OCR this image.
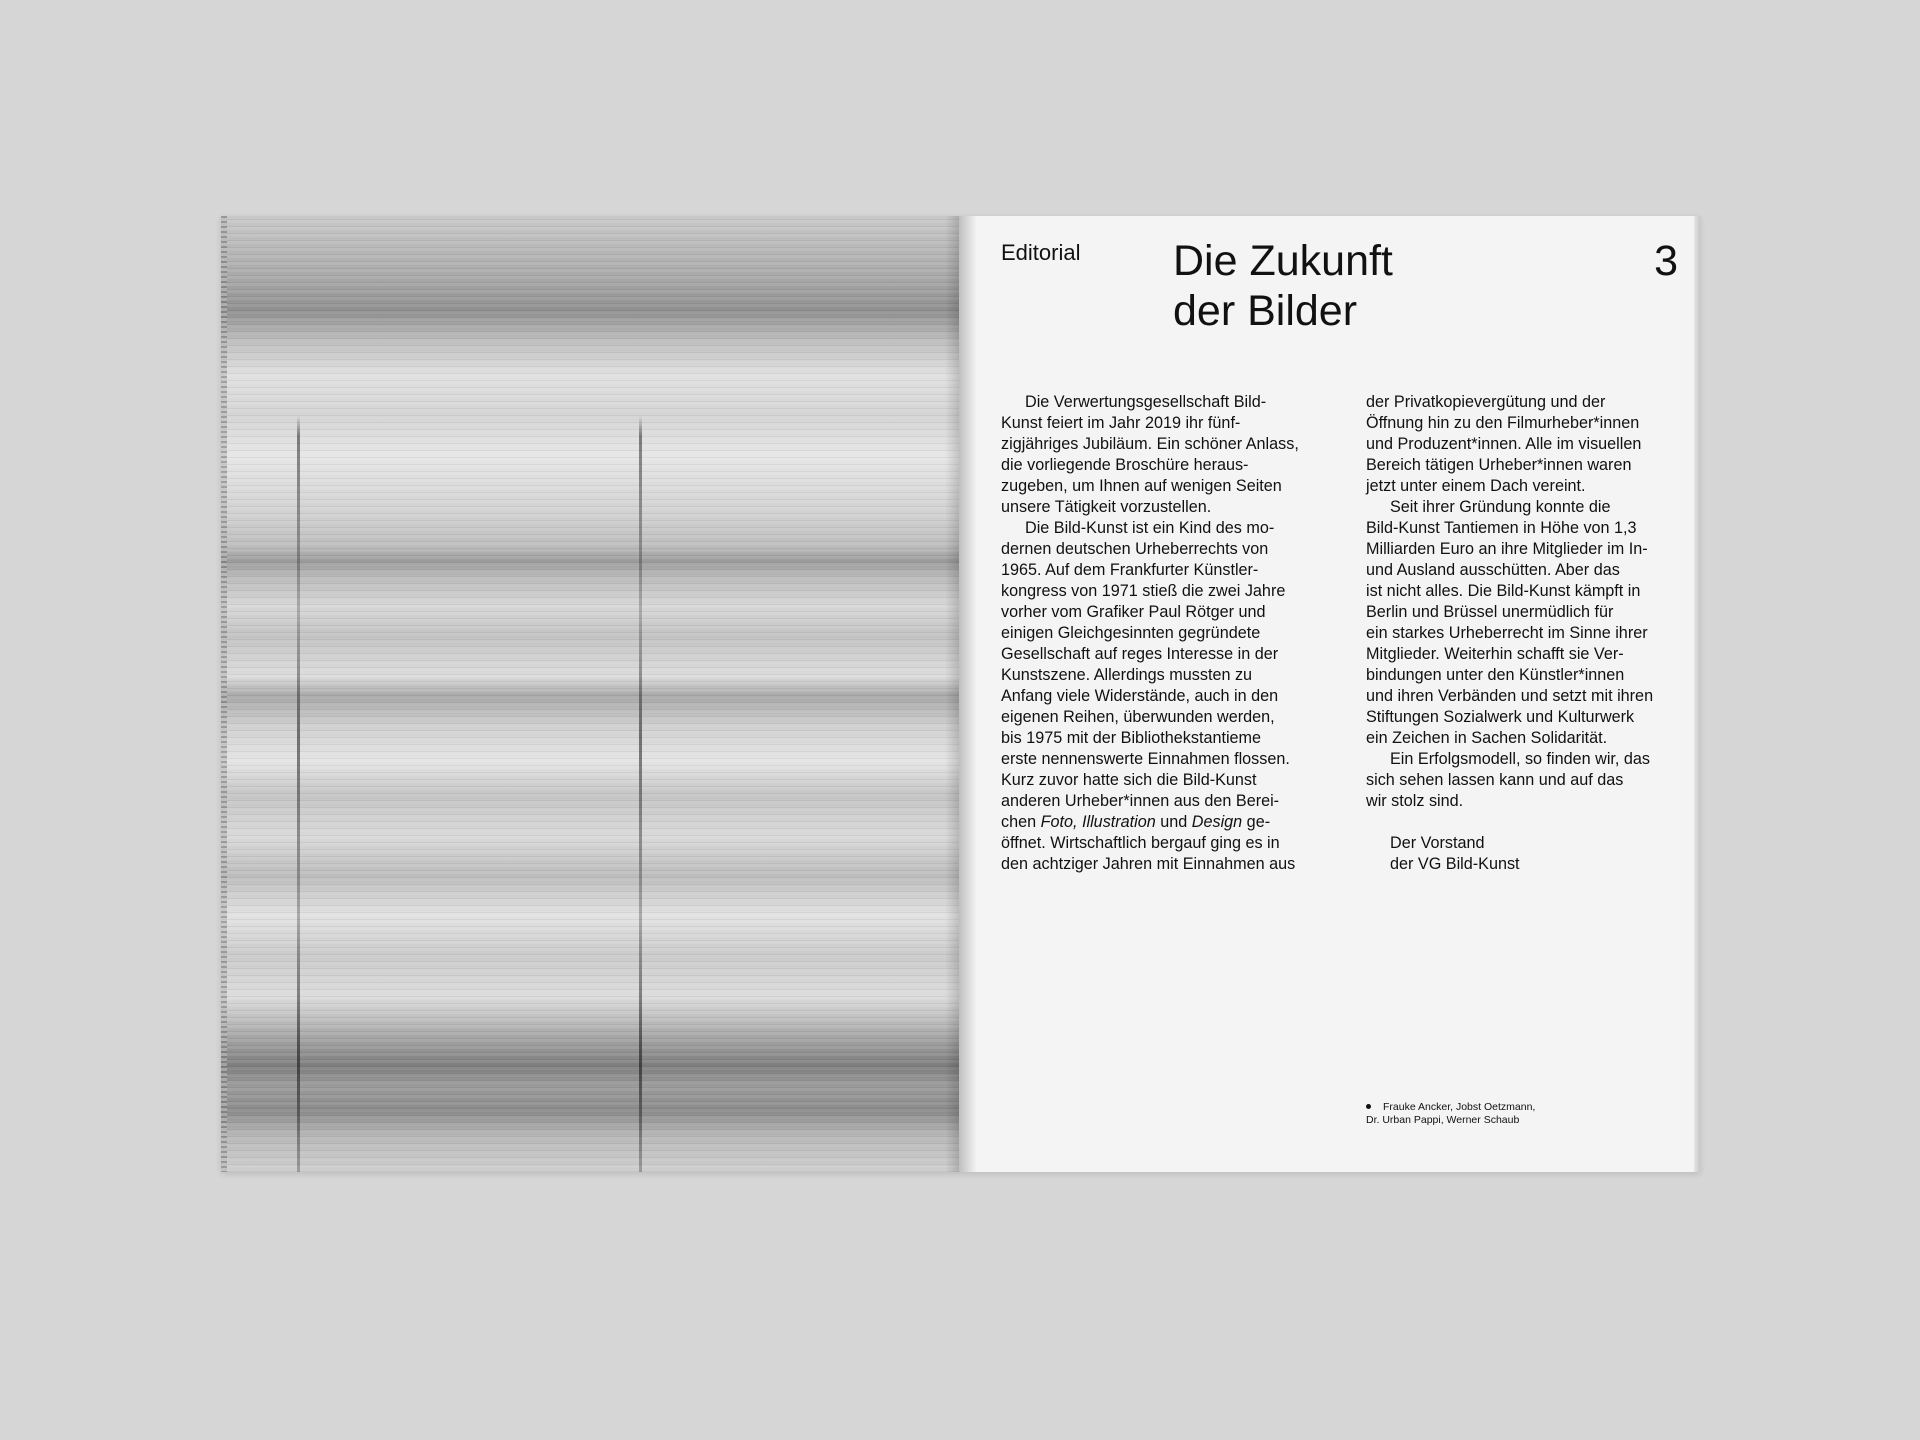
Editorial Die Zukunft
der Bilder
3
Die Verwertungsgesellschaft Bild-
Kunst feiert im Jahr 2019 ihr fünf-
zigjähriges Jubiläum. Ein schöner Anlass,
die vorliegende Broschüre heraus-
zugeben, um Ihnen auf wenigen Seiten
unsere Tätigkeit vorzustellen.
Die Bild-Kunst ist ein Kind des mo-
dernen deutschen Urheberrechts von
1965. Auf dem Frankfurter Künstler-
kongress von 1971 stieß die zwei Jahre
vorher vom Grafiker Paul Rötger und
einigen Gleichgesinnten gegründete
Gesellschaft auf reges Interesse in der
Kunstszene. Allerdings mussten zu
Anfang viele Widerstände, auch in den
eigenen Reihen, überwunden werden,
bis 1975 mit der Bibliothekstantieme
erste nennenswerte Einnahmen flossen.
Kurz zuvor hatte sich die Bild-Kunst
anderen Urheber*innen aus den Berei-
chen Foto, Illustration und Design ge-
öffnet. Wirtschaftlich bergauf ging es in
den achtziger Jahren mit Einnahmen aus
der Privatkopievergütung und der
Öffnung hin zu den Filmurheber*innen
und Produzent*innen. Alle im visuellen
Bereich tätigen Urheber*innen waren
jetzt unter einem Dach vereint.
Seit ihrer Gründung konnte die
Bild-Kunst Tantiemen in Höhe von 1,3
Milliarden Euro an ihre Mitglieder im In-
und Ausland ausschütten. Aber das
ist nicht alles. Die Bild-Kunst kämpft in
Berlin und Brüssel unermüdlich für
ein starkes Urheberrecht im Sinne ihrer
Mitglieder. Weiterhin schafft sie Ver-
bindungen unter den Künstler*innen
und ihren Verbänden und setzt mit ihren
Stiftungen Sozialwerk und Kulturwerk
ein Zeichen in Sachen Solidarität.
Ein Erfolgsmodell, so finden wir, das
sich sehen lassen kann und auf das
wir stolz sind.
Der Vorstand
der VG Bild-Kunst
Frauke Ancker, Jobst Oetzmann,
Dr. Urban Pappi, Werner Schaub
